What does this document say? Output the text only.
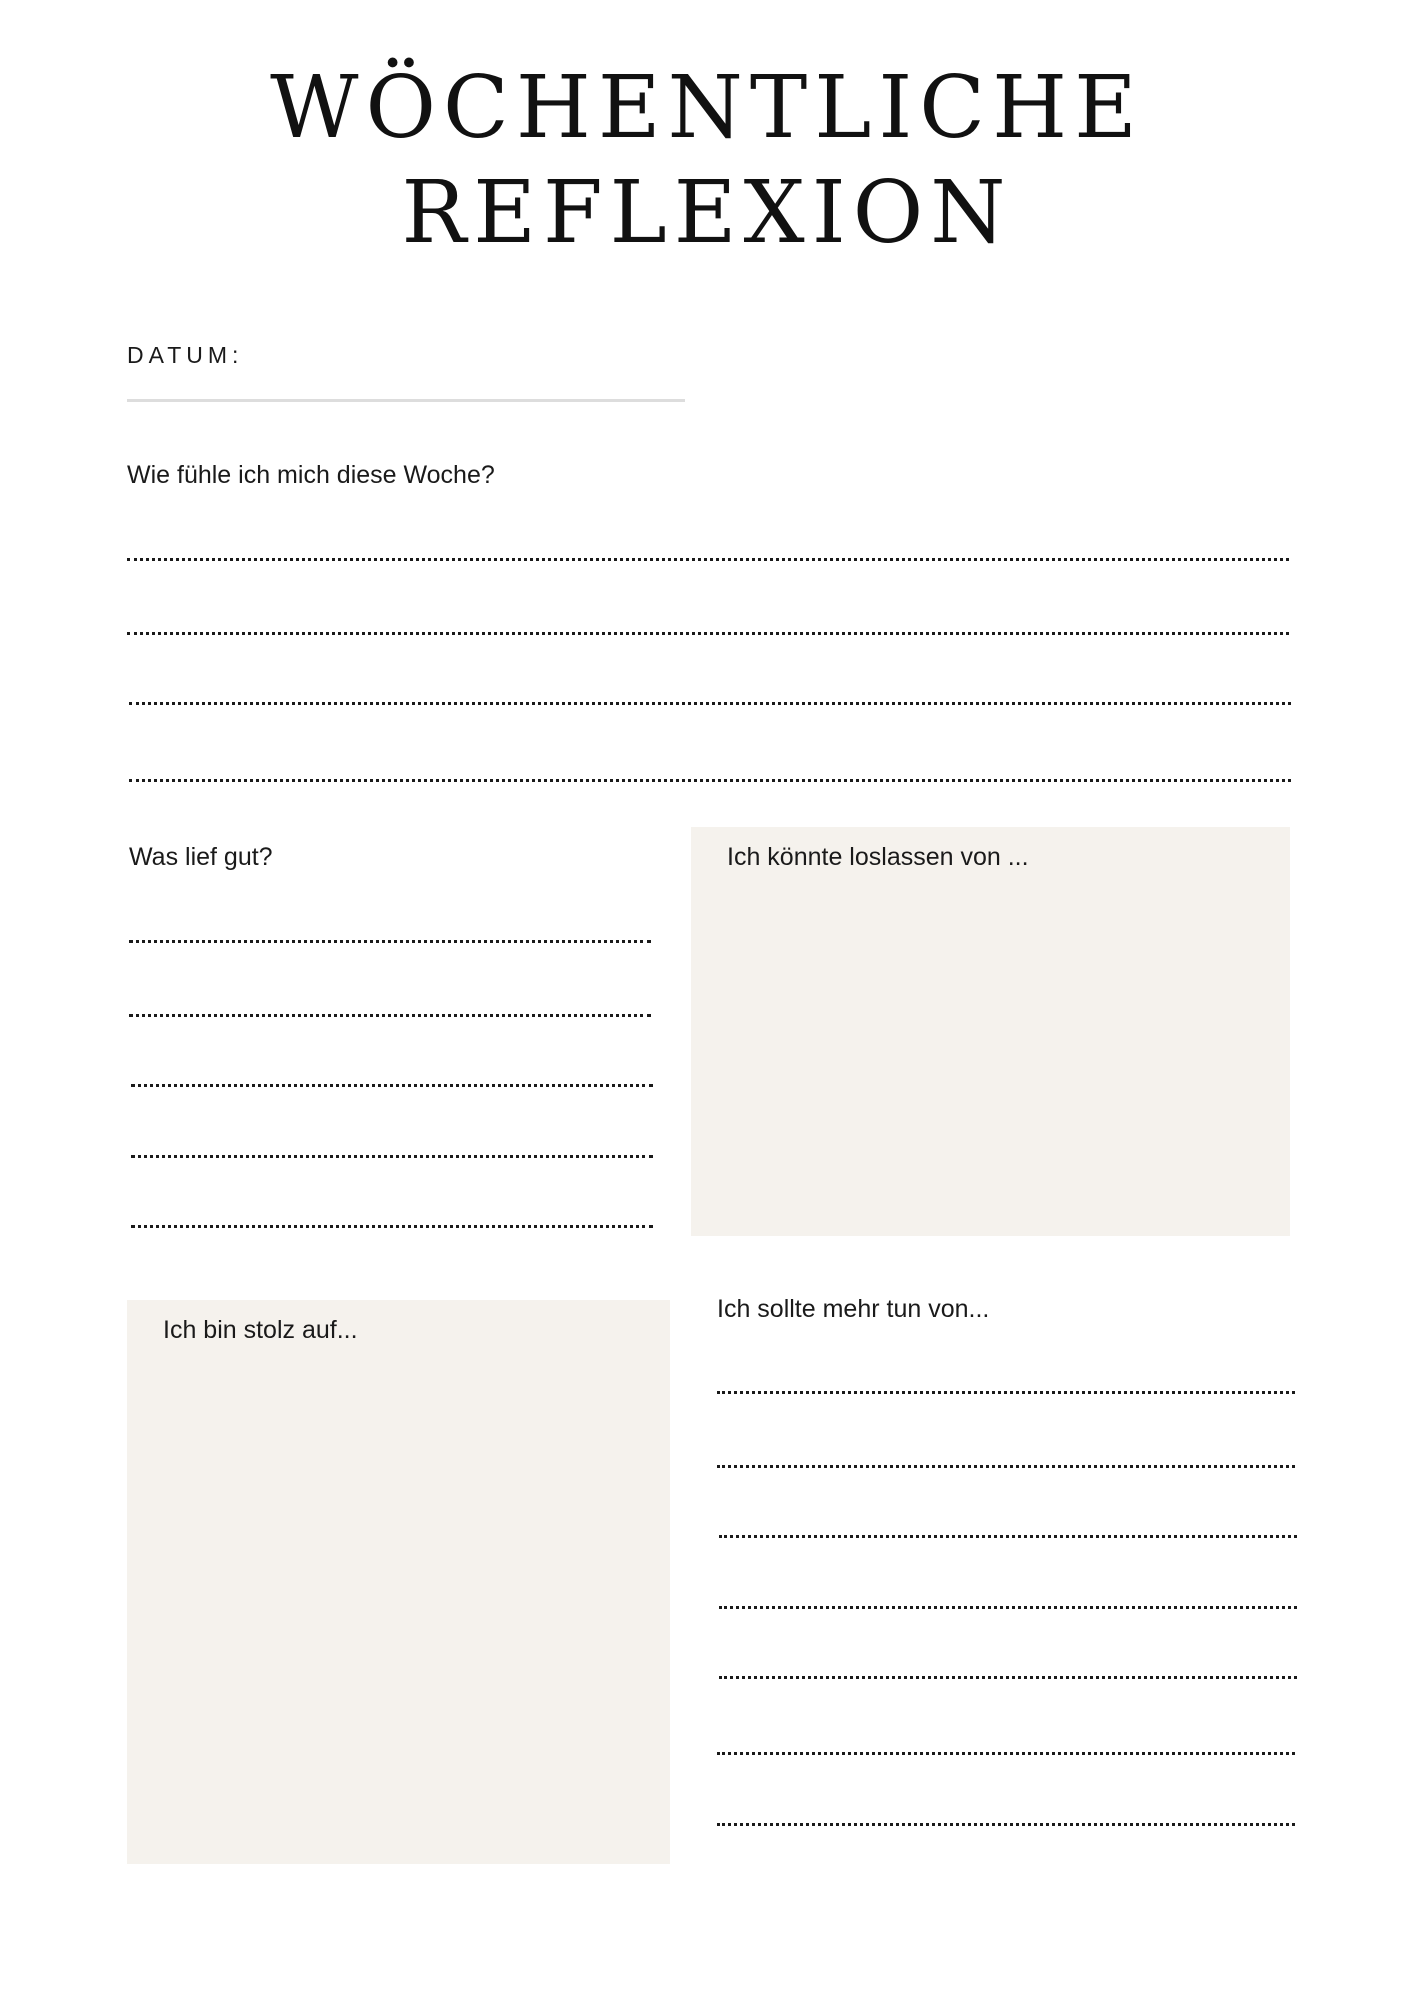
WÖCHENTLICHE
REFLEXION
DATUM:
Wie fühle ich mich diese Woche?
Was lief gut?	Ich könnte loslassen von ...
Ich bin stolz auf...
Ich sollte mehr tun von...
